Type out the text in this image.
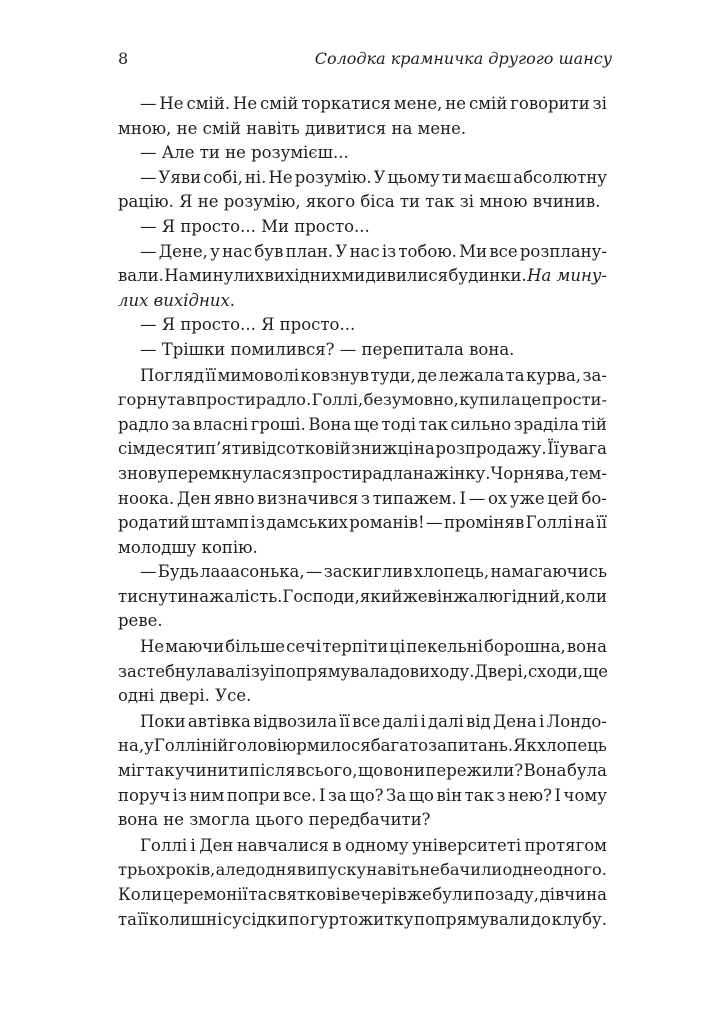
8	Солодка крамничка другого шансу
— Не смій. Не смій торкатися мене, не смій говорити зі
мною, не смій навіть дивитися на мене.
— Але ти не розумієш...
— Уяви собі, ні. Не розумію. У цьому ти маєш абсолютну
рацію. Я не розумію, якого біса ти так зі мною вчинив.
— Я просто... Ми просто...
— Дене, у нас був план. У нас із тобою. Ми все розплану-
вали. На минулих вихідних ми дивилися будинки. На мину-
лих вихідних.
— Я просто... Я просто...
— Трішки помилився? — перепитала вона.
Погляд її мимоволі ковзнув туди, де лежала та курва, за-
горнута в простирадло. Голлі, безумовно, купила це прости-
радло за власні гроші. Вона ще тоді так сильно зраділа тій
сімдесятип’ятивідсотковій знижці на розпродажу. Її увага
знову перемкнулася з простирадла на жінку. Чорнява, тем-
ноока. Ден явно визначився з типажем. І — ох уже цей бо-
родатий штамп із дамських романів! — проміняв Голлі на її
молодшу копію.
— Будь лааасонька, — заскиглив хлопець, намагаючись
тиснути на жалість. Господи, який же він жалюгідний, коли
реве.
Не маючи більше сечі терпіти ці пекельні борошна, вона
застебнула валізу і попрямувала до виходу. Двері, сходи, ще
одні двері. Усе.
Поки автівка відвозила її все далі і далі від Дена і Лондо-
на, у Голліній голові юрмилося багато запитань. Як хлопець
міг так учинити після всього, що вони пережили? Вона була
поруч із ним попри все. І за що? За що він так з нею? І чому
вона не змогла цього передбачити?
Голлі і Ден навчалися в одному університеті протягом
трьох років, але до дня випуску навіть не бачили одне одного.
Коли церемонії та святкові вечері вже були позаду, дівчина
та її колишні сусідки по гуртожитку попрямували до клубу.
